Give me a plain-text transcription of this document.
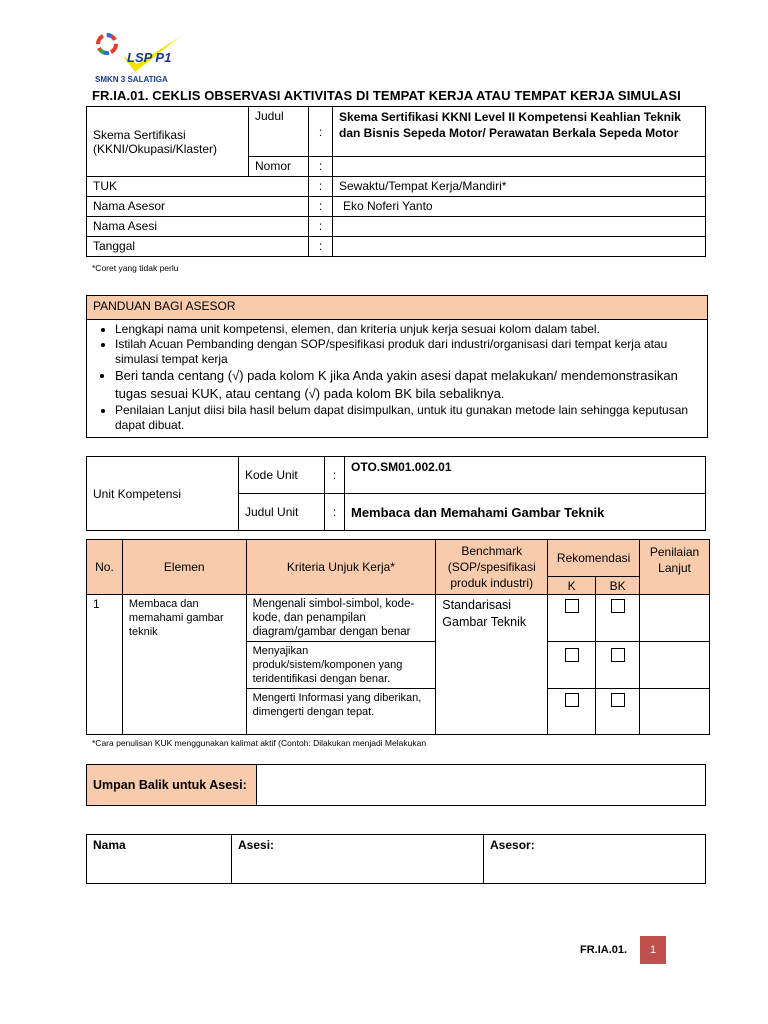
LSP P1
SMKN 3 SALATIGA
FR.IA.01. CEKLIS OBSERVASI AKTIVITAS DI TEMPAT KERJA ATAU TEMPAT KERJA SIMULASI
Skema Sertifikasi (KKNI/Okupasi/Klaster)	Judul	:	Skema Sertifikasi KKNI Level II Kompetensi Keahlian Teknik dan Bisnis Sepeda Motor/ Perawatan Berkala Sepeda Motor
	Nomor	:	
TUK		:	Sewaktu/Tempat Kerja/Mandiri*
Nama Asesor		:	Eko Noferi Yanto
Nama Asesi		:	
Tanggal		:	
*Coret yang tidak perlu
PANDUAN BAGI ASESOR
• Lengkapi nama unit kompetensi, elemen, dan kriteria unjuk kerja sesuai kolom dalam tabel.
• Istilah Acuan Pembanding dengan SOP/spesifikasi produk dari industri/organisasi dari tempat kerja atau simulasi tempat kerja
• Beri tanda centang (√) pada kolom K jika Anda yakin asesi dapat melakukan/ mendemonstrasikan tugas sesuai KUK, atau centang (√) pada kolom BK bila sebaliknya.
• Penilaian Lanjut diisi bila hasil belum dapat disimpulkan, untuk itu gunakan metode lain sehingga keputusan dapat dibuat.
Unit Kompetensi	Kode Unit	:	OTO.SM01.002.01
	Judul Unit	:	Membaca dan Memahami Gambar Teknik
No.	Elemen	Kriteria Unjuk Kerja*	Benchmark (SOP/spesifikasi produk industri)	Rekomendasi		Penilaian Lanjut
				K	BK	
1	Membaca dan memahami gambar teknik	Mengenali simbol-simbol, kode-kode, dan penampilan diagram/gambar dengan benar	Standarisasi Gambar Teknik			
		Menyajikan produk/sistem/komponen yang teridentifikasi dengan benar.				
		Mengerti Informasi yang diberikan, dimengerti dengan tepat.				
*Cara penulisan KUK menggunakan kalimat aktif (Contoh: Dilakukan menjadi Melakukan
Umpan Balik untuk Asesi:	
Nama	Asesi:	Asesor:
FR.IA.01.	1
